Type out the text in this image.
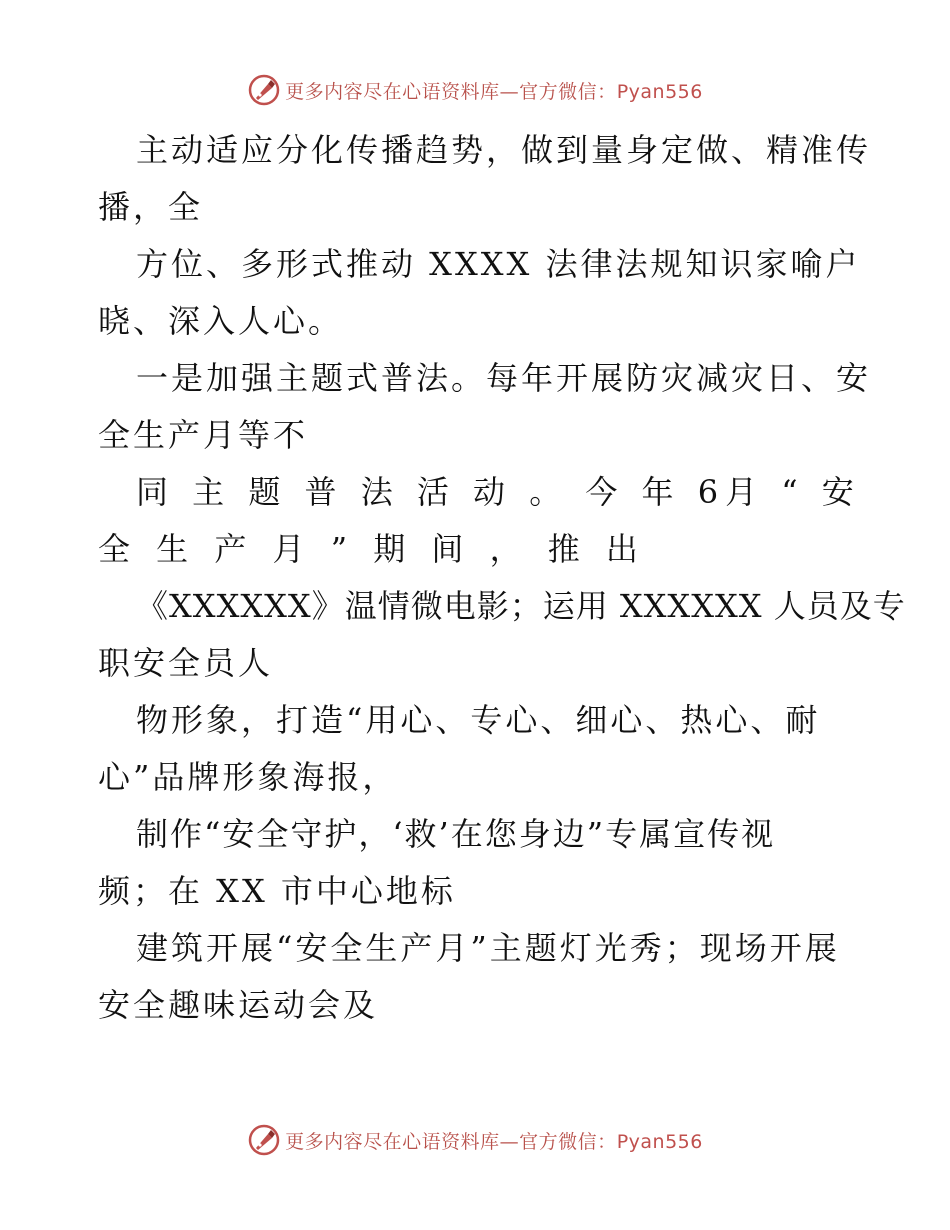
更多内容尽在心语资料库—官方微信：Pyan556
主动适应分化传播趋势，做到量身定做、精准传
播，全
方位、多形式推动 XXXX 法律法规知识家喻户
晓、深入人心。
一是加强主题式普法。每年开展防灾减灾日、安
全生产月等不
同 主 题 普 法 活 动 。 今 年 6月 “ 安
全 生 产 月 ” 期 间 ， 推 出
《XXXXXX》温情微电影；运用 XXXXXX 人员及专
职安全员人
物形象，打造“用心、专心、细心、热心、耐
心”品牌形象海报，
制作“安全守护，‘救’在您身边”专属宣传视
频；在 XX 市中心地标
建筑开展“安全生产月”主题灯光秀；现场开展
安全趣味运动会及
更多内容尽在心语资料库—官方微信：Pyan556
